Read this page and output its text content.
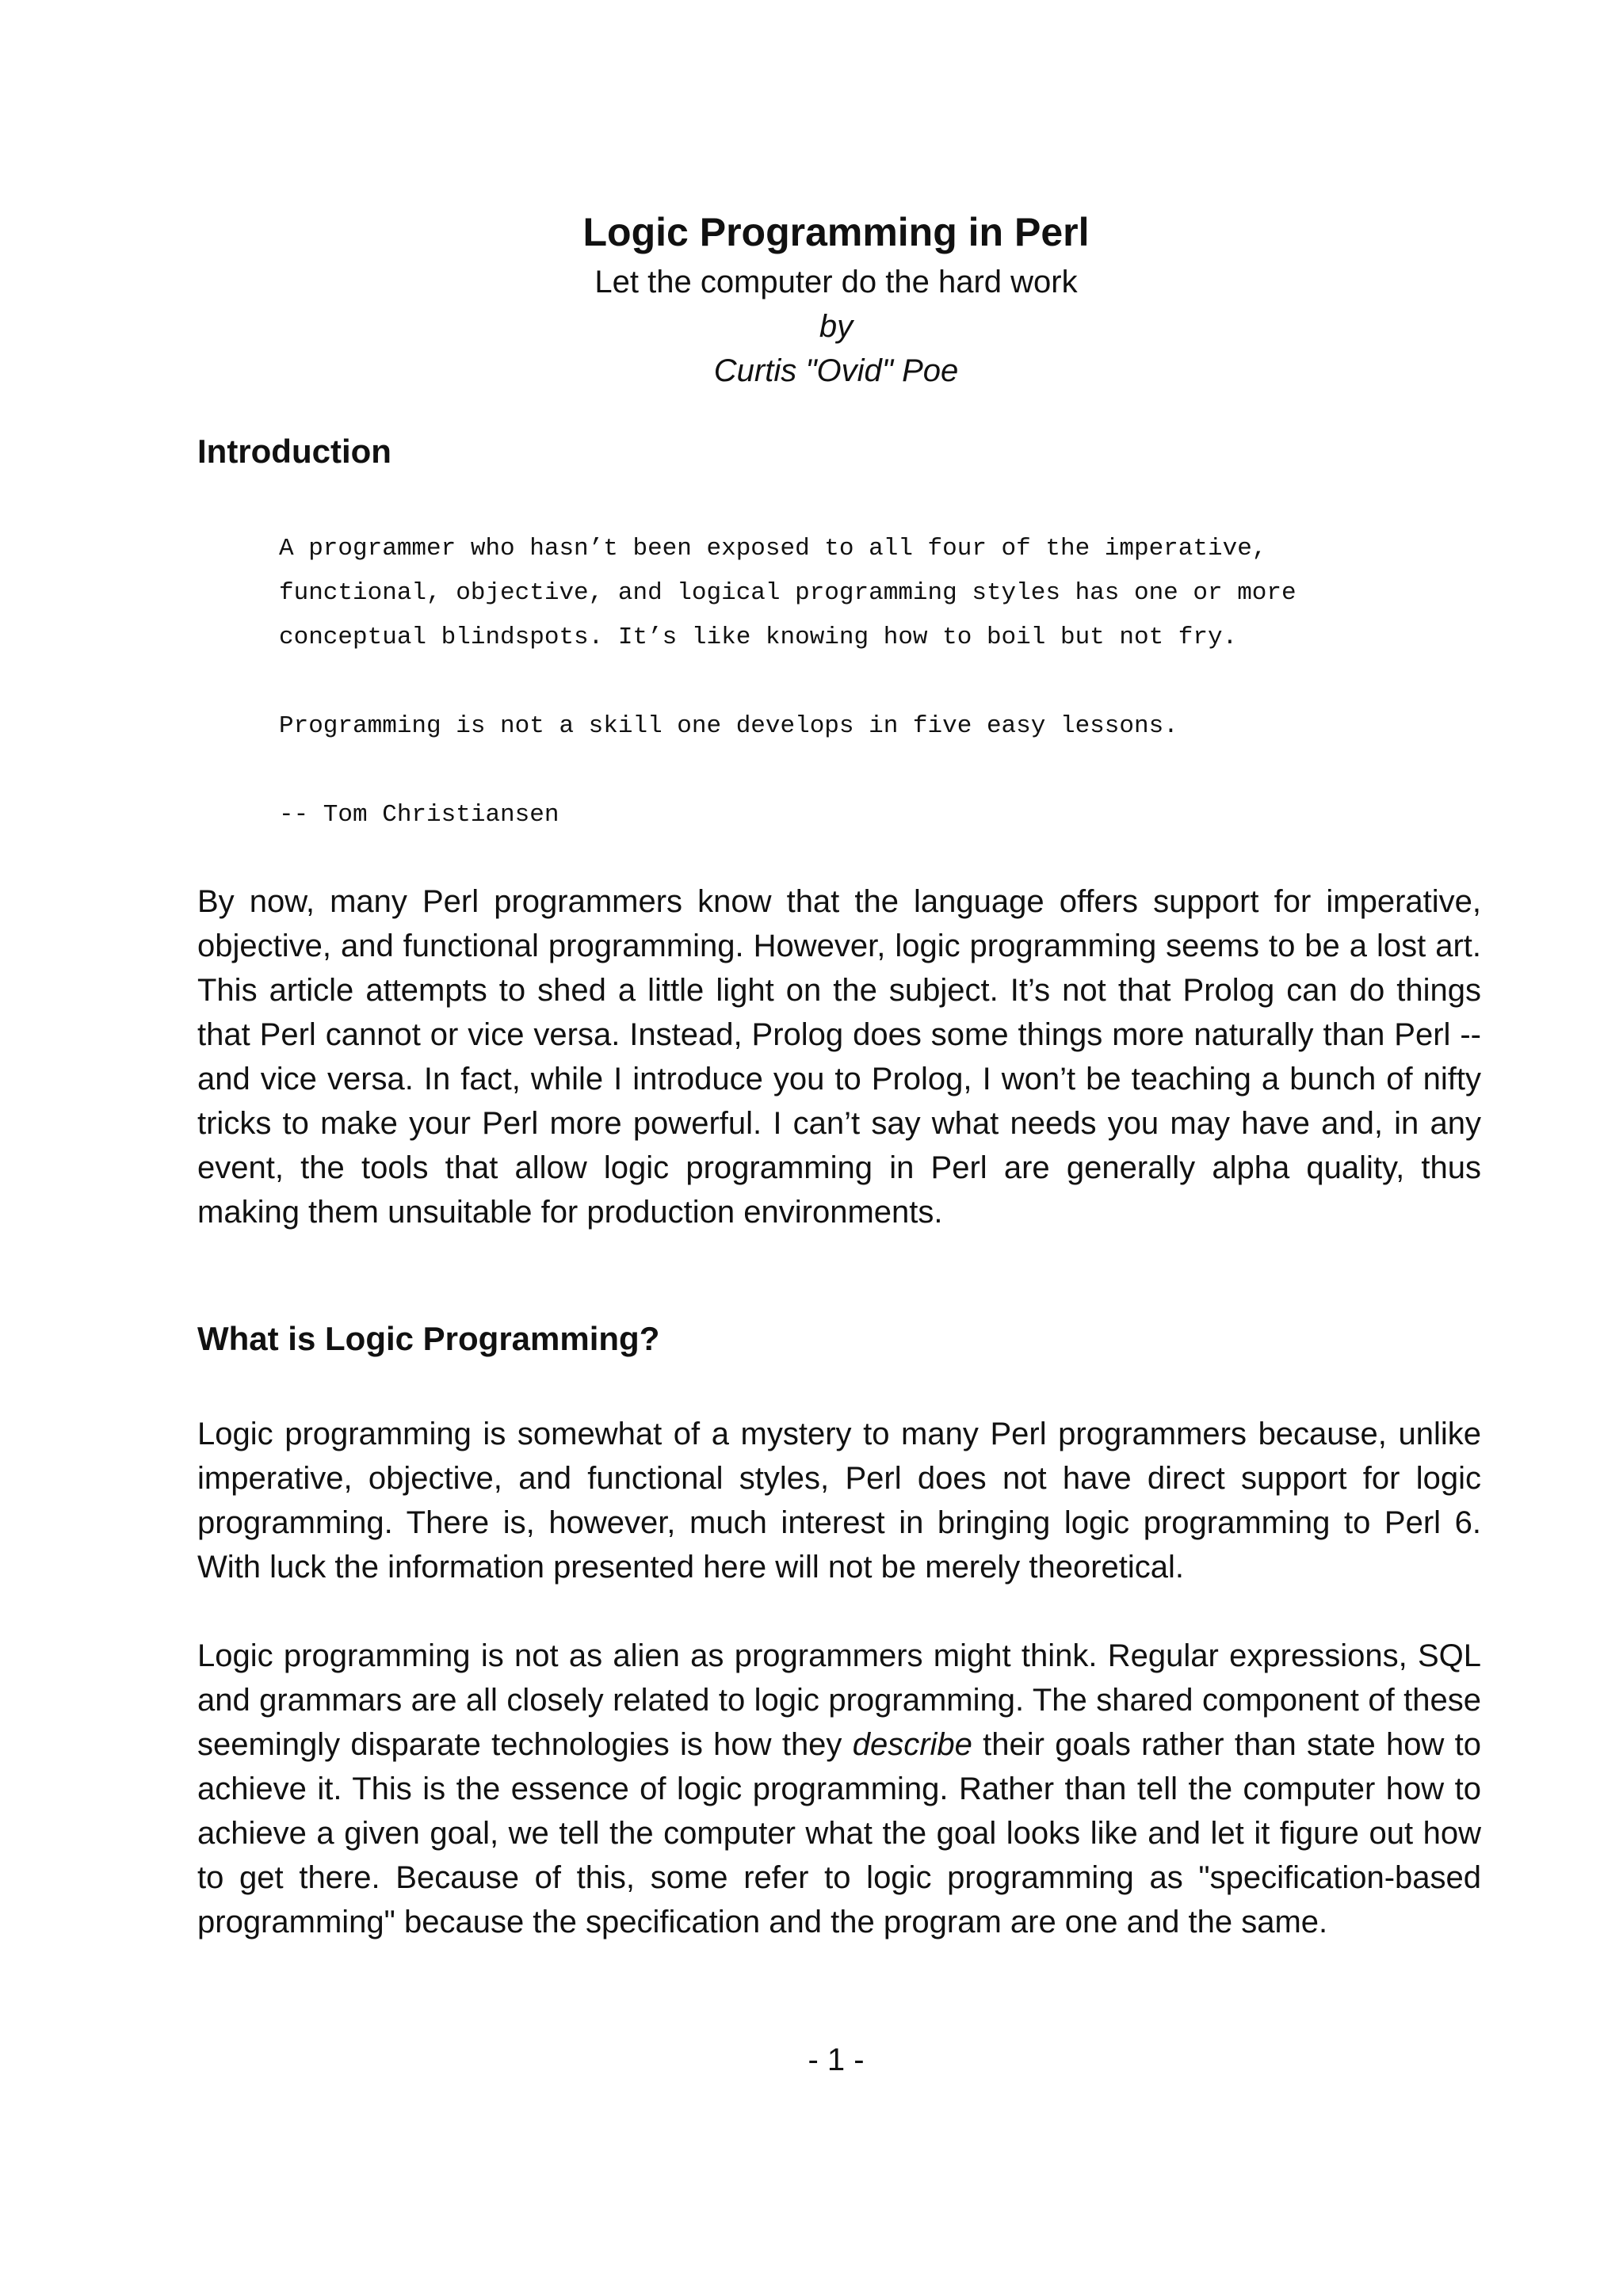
Logic Programming in Perl

Let the computer do the hard work

by

Curtis "Ovid" Poe

Introduction

A programmer who hasn’t been exposed to all four of the imperative,

functional, objective, and logical programming styles has one or more

conceptual blindspots. It’s like knowing how to boil but not fry.

Programming is not a skill one develops in five easy lessons.

-- Tom Christiansen

By now, many Perl programmers know that the language offers support for imperative, objective, and functional programming. However, logic programming seems to be a lost art. This article attempts to shed a little light on the subject. It’s not that Prolog can do things that Perl cannot or vice versa. Instead, Prolog does some things more naturally than Perl -- and vice versa. In fact, while I introduce you to Prolog, I won’t be teaching a bunch of nifty tricks to make your Perl more powerful. I can’t say what needs you may have and, in any event, the tools that allow logic programming in Perl are generally alpha quality, thus making them unsuitable for production environments.

What is Logic Programming?

Logic programming is somewhat of a mystery to many Perl programmers because, unlike imperative, objective, and functional styles, Perl does not have direct support for logic programming. There is, however, much interest in bringing logic programming to Perl 6. With luck the information presented here will not be merely theoretical.

Logic programming is not as alien as programmers might think. Regular expressions, SQL and grammars are all closely related to logic programming. The shared component of these seemingly disparate technologies is how they describe their goals rather than state how to achieve it. This is the essence of logic programming. Rather than tell the computer how to achieve a given goal, we tell the computer what the goal looks like and let it figure out how to get there. Because of this, some refer to logic programming as "specification-based programming" because the specification and the program are one and the same.

- 1 -
